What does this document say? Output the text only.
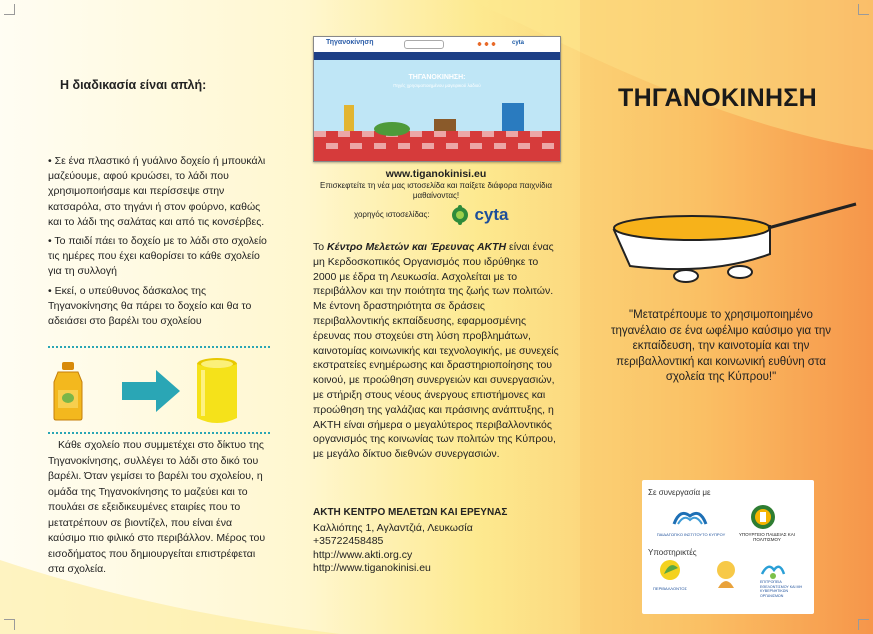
Η διαδικασία είναι απλή:

• Σε ένα πλαστικό ή γυάλινο δοχείο ή μπουκάλι μαζεύουμε, αφού κρυώσει, το λάδι που χρησιμοποιήσαμε και περίσσεψε στην κατσαρόλα, στο τηγάνι ή στον φούρνο, καθώς και το λάδι της σαλάτας και από τις κονσέρβες.

• Το παιδί πάει το δοχείο με το λάδι στο σχολείο τις ημέρες που έχει καθορίσει το κάθε σχολείο για τη συλλογή

• Εκεί, ο υπεύθυνος δάσκαλος της Τηγανοκίνησης θα πάρει το δοχείο και θα το αδειάσει στο βαρέλι του σχολείου

Κάθε σχολείο που συμμετέχει στο δίκτυο της Τηγανοκίνησης, συλλέγει το λάδι στο δικό του βαρέλι. Όταν γεμίσει το βαρέλι του σχολείου, η ομάδα της Τηγανοκίνησης το μαζεύει και το πουλάει σε εξειδικευμένες εταιρίες που το μετατρέπουν σε βιοντίζελ, που είναι ένα καύσιμο πιο φιλικό στο περιβάλλον. Μέρος του εισοδήματος που δημιουργείται επιστρέφεται στα σχολεία.
Τηγανοκίνηση	cyta
ΤΗΓΑΝΟΚΙΝΗΣΗ:
Πηγές χρησιμοποιημένου μαγειρικού λαδιού
www.tiganokinisi.eu
Επισκεφτείτε τη νέα μας ιστοσελίδα και παίξετε διάφορα παιχνίδια μαθαίνοντας!
χορηγός ιστοσελίδας:	cyta
Το Κέντρο Μελετών και Έρευνας ΑΚΤΗ είναι ένας μη Κερδοσκοπικός Οργανισμός που ιδρύθηκε το 2000 με έδρα τη Λευκωσία. Ασχολείται με το περιβάλλον και την ποιότητα της ζωής των πολιτών. Με έντονη δραστηριότητα σε δράσεις περιβαλλοντικής εκπαίδευσης, εφαρμοσμένης έρευνας που στοχεύει στη λύση προβλημάτων, καινοτομίας κοινωνικής και τεχνολογικής, με συνεχείς εκστρατείες ενημέρωσης και δραστηριοποίησης του κοινού, με προώθηση συνεργειών και συνεργασιών, με στήριξη στους νέους άνεργους επιστήμονες και προώθηση της γαλάζιας και πράσινης ανάπτυξης, η ΑΚΤΗ είναι σήμερα ο μεγαλύτερος περιβαλλοντικός οργανισμός της κοινωνίας των πολιτών της Κύπρου, με μεγάλο δίκτυο διεθνών συνεργασιών.
ΑΚΤΗ ΚΕΝΤΡΟ ΜΕΛΕΤΩΝ ΚΑΙ ΕΡΕΥΝΑΣ
Καλλιόπης 1, Αγλαντζιά, Λευκωσία
+35722458485
http://www.akti.org.cy
http://www.tiganokinisi.eu
ΤΗΓΑΝΟΚΙΝΗΣΗ
"Μετατρέπουμε το χρησιμοποιημένο τηγανέλαιο σε ένα ωφέλιμο καύσιμο για την εκπαίδευση, την καινοτομία και την περιβαλλοντική και κοινωνική ευθύνη στα σχολεία της Κύπρου!"
Σε συνεργασία με
ΠΑΙΔΑΓΩΓΙΚΟ ΙΝΣΤΙΤΟΥΤΟ ΚΥΠΡΟΥ	ΥΠΟΥΡΓΕΙΟ ΠΑΙΔΕΙΑΣ ΚΑΙ ΠΟΛΙΤΙΣΜΟΥ
Υποστηρικτές
ΠΕΡΙΒΑΛΛΟΝΤΟΣ
ΕΠΙΤΡΟΠΕΙΑ ΕΘΕΛΟΝΤΙΣΜΟΥ ΚΑΙ ΜΗ ΚΥΒΕΡΝΗΤΙΚΩΝ ΟΡΓΑΝΙΣΜΩΝ
